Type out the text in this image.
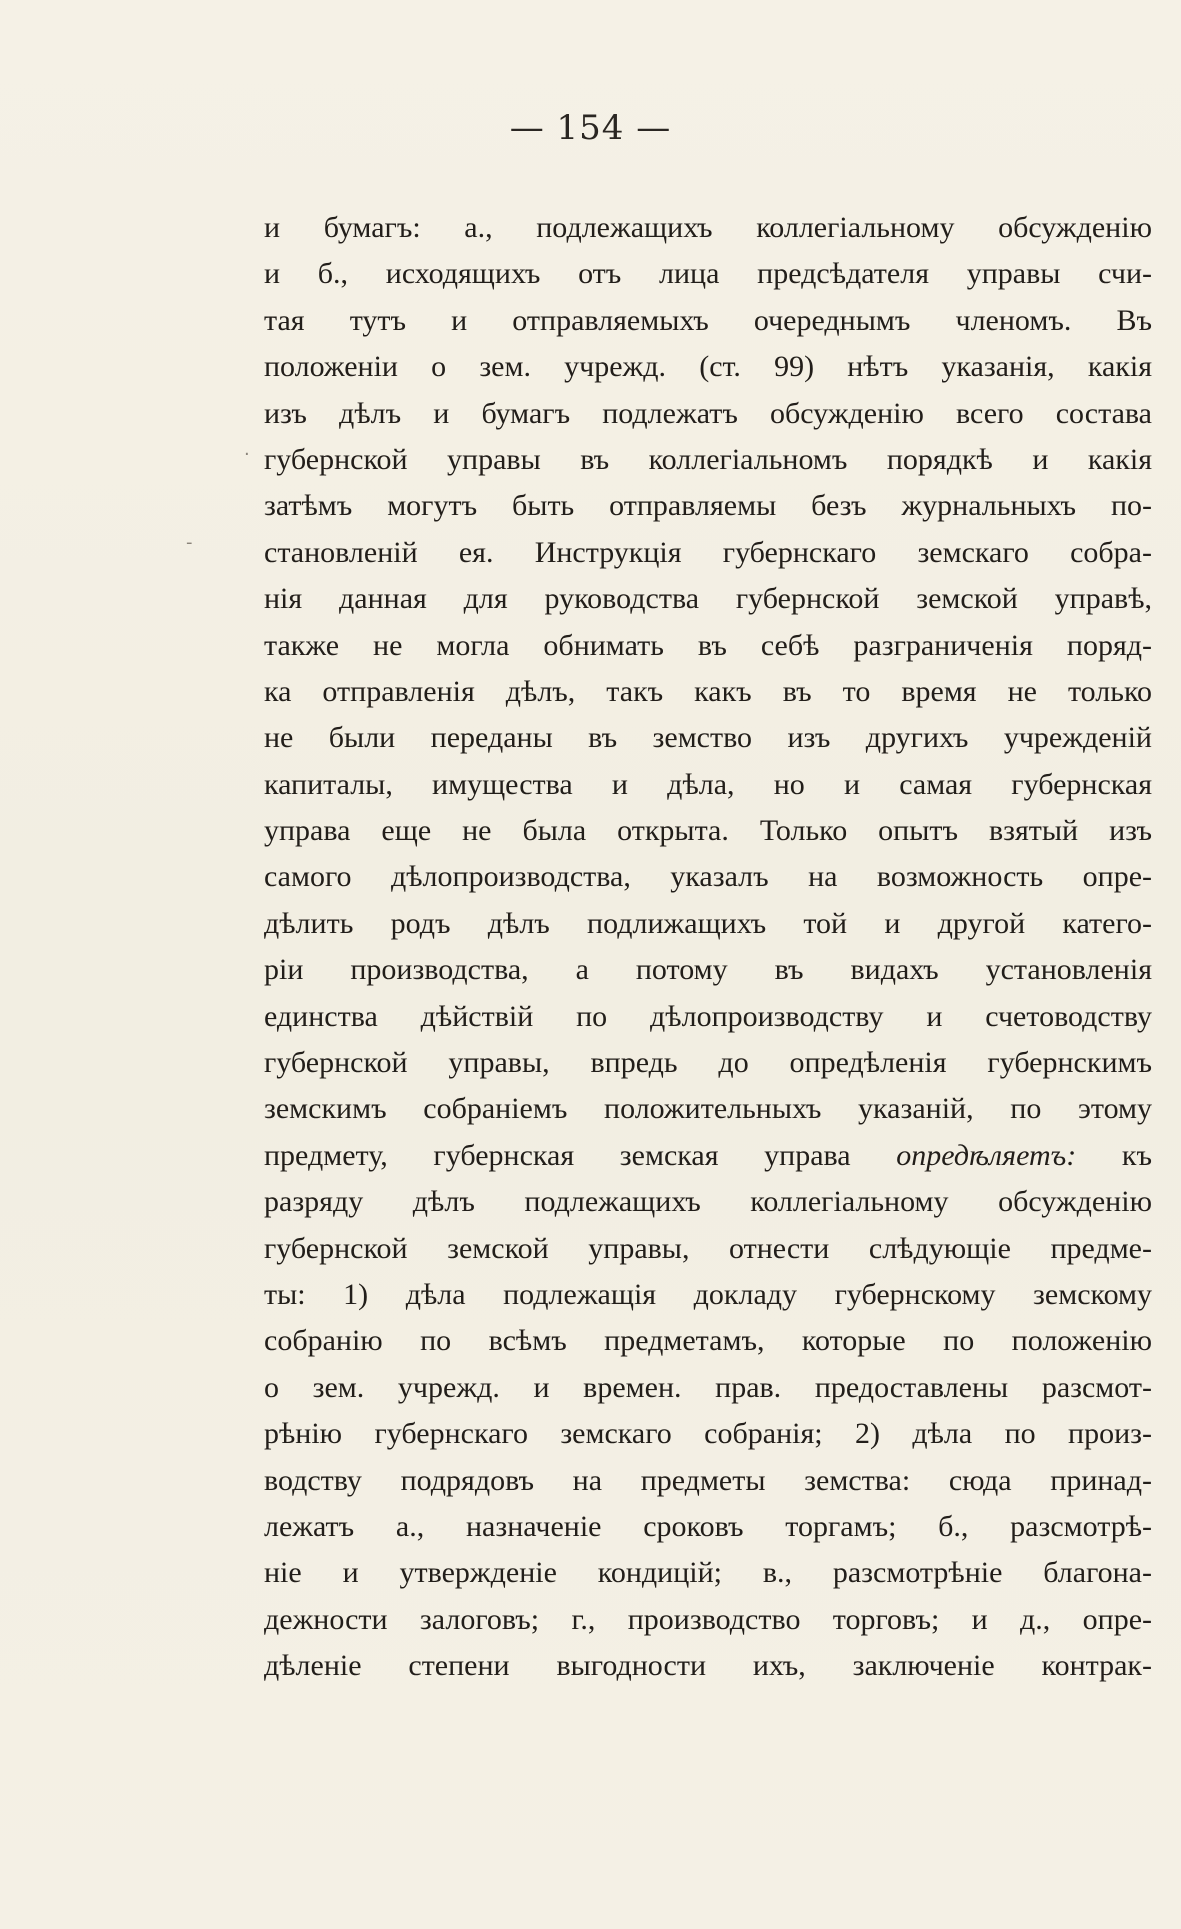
— 154 —
·
-
и бумагъ: а., подлежащихъ коллегіальному обсужденію
и б., исходящихъ отъ лица предсѣдателя управы счи-
тая тутъ и отправляемыхъ очереднымъ членомъ. Въ
положеніи о зем. учрежд. (ст. 99) нѣтъ указанія, какія
изъ дѣлъ и бумагъ подлежатъ обсужденію всего состава
губернской управы въ коллегіальномъ порядкѣ и какія
затѣмъ могутъ быть отправляемы безъ журнальныхъ по-
становленій ея. Инструкція губернскаго земскаго собра-
нія данная для руководства губернской земской управѣ,
также не могла обнимать въ себѣ разграниченія поряд-
ка отправленія дѣлъ, такъ какъ въ то время не только
не были переданы въ земство изъ другихъ учрежденій
капиталы, имущества и дѣла, но и самая губернская
управа еще не была открыта. Только опытъ взятый изъ
самого дѣлопроизводства, указалъ на возможность опре-
дѣлить родъ дѣлъ подлижащихъ той и другой катего-
ріи производства, а потому въ видахъ установленія
единства дѣйствій по дѣлопроизводству и счетоводству
губернской управы, впредь до опредѣленія губернскимъ
земскимъ собраніемъ положительныхъ указаній, по этому
предмету, губернская земская управа опредѣляетъ: къ
разряду дѣлъ подлежащихъ коллегіальному обсужденію
губернской земской управы, отнести слѣдующіе предме-
ты: 1) дѣла подлежащія докладу губернскому земскому
собранію по всѣмъ предметамъ, которые по положенію
о зем. учрежд. и времен. прав. предоставлены разсмот-
рѣнію губернскаго земскаго собранія; 2) дѣла по произ-
водству подрядовъ на предметы земства: сюда принад-
лежатъ а., назначеніе сроковъ торгамъ; б., разсмотрѣ-
ніе и утвержденіе кондицій; в., разсмотрѣніе благона-
дежности залоговъ; г., производство торговъ; и д., опре-
дѣленіе степени выгодности ихъ, заключеніе контрак-
